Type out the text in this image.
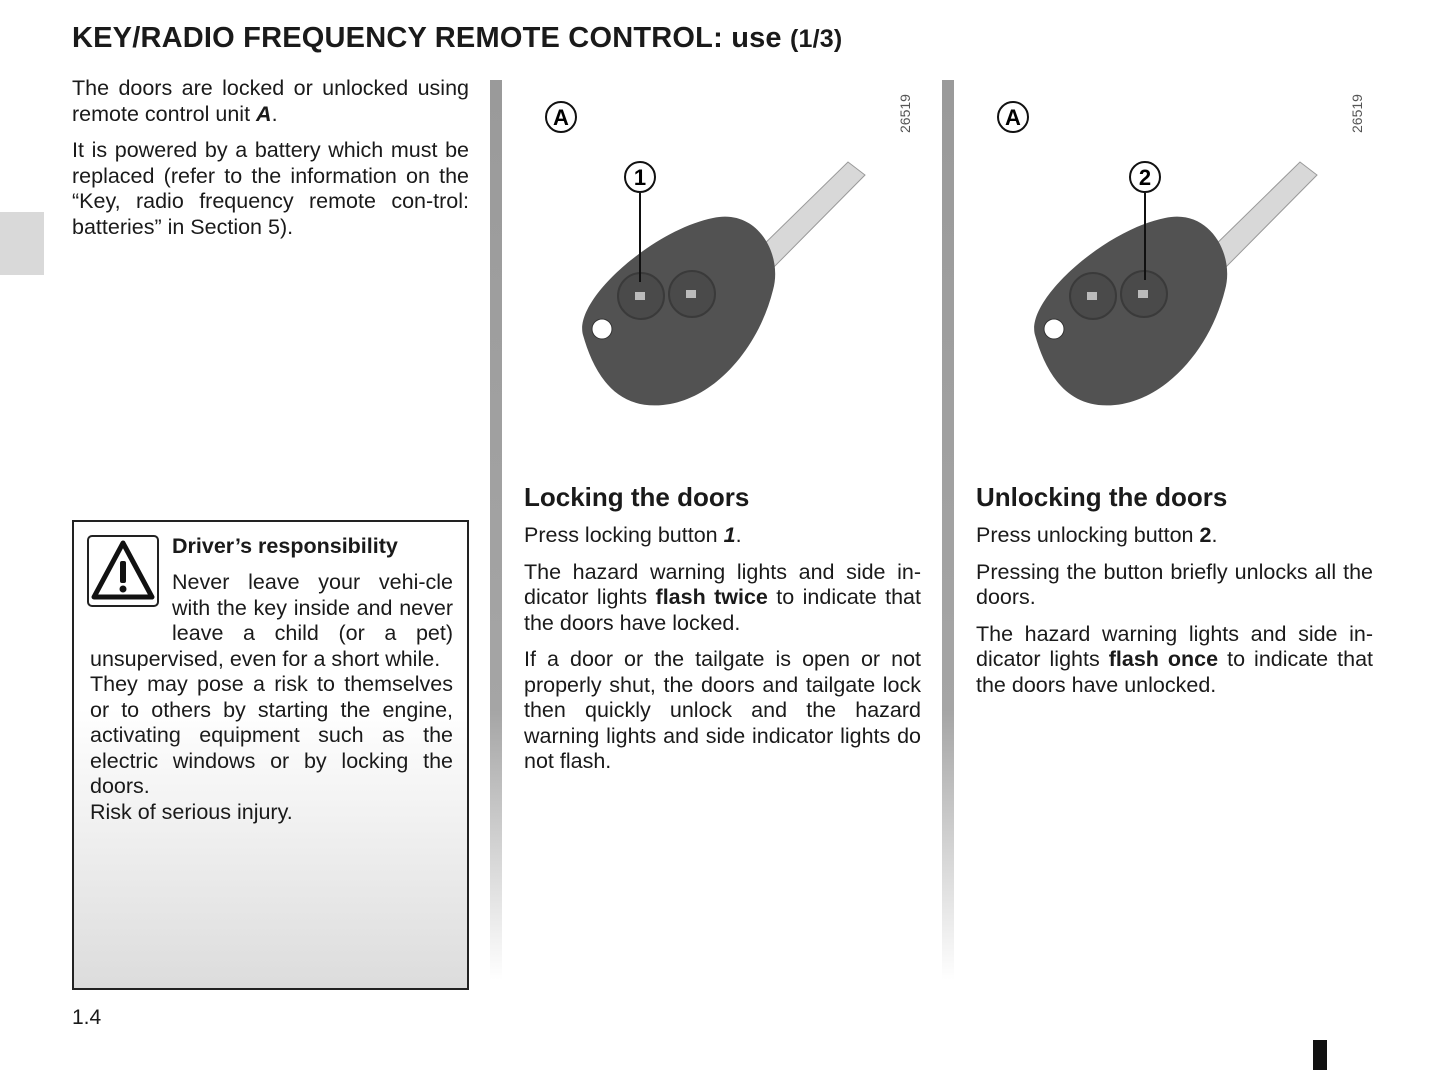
KEY/RADIO FREQUENCY REMOTE CONTROL: use (1/3)

The doors are locked or unlocked using remote control unit A.

It is powered by a battery which must be replaced (refer to the information on the “Key, radio frequency remote con-trol: batteries” in Section 5).

Driver’s responsibility
Never leave your vehi-cle with the key inside and never leave a child (or a pet) unsupervised, even for a short while.
They may pose a risk to themselves or to others by starting the engine, activating equipment such as the electric windows or by locking the doors.
Risk of serious injury.
A
1
26519	A
2
26519
Locking the doors

Press locking button 1.

The hazard warning lights and side in-dicator lights flash twice to indicate that the doors have locked.

If a door or the tailgate is open or not properly shut, the doors and tailgate lock then quickly unlock and the hazard warning lights and side indicator lights do not flash.

Unlocking the doors

Press unlocking button 2.

Pressing the button briefly unlocks all the doors.

The hazard warning lights and side in-dicator lights flash once to indicate that the doors have unlocked.

1.4
